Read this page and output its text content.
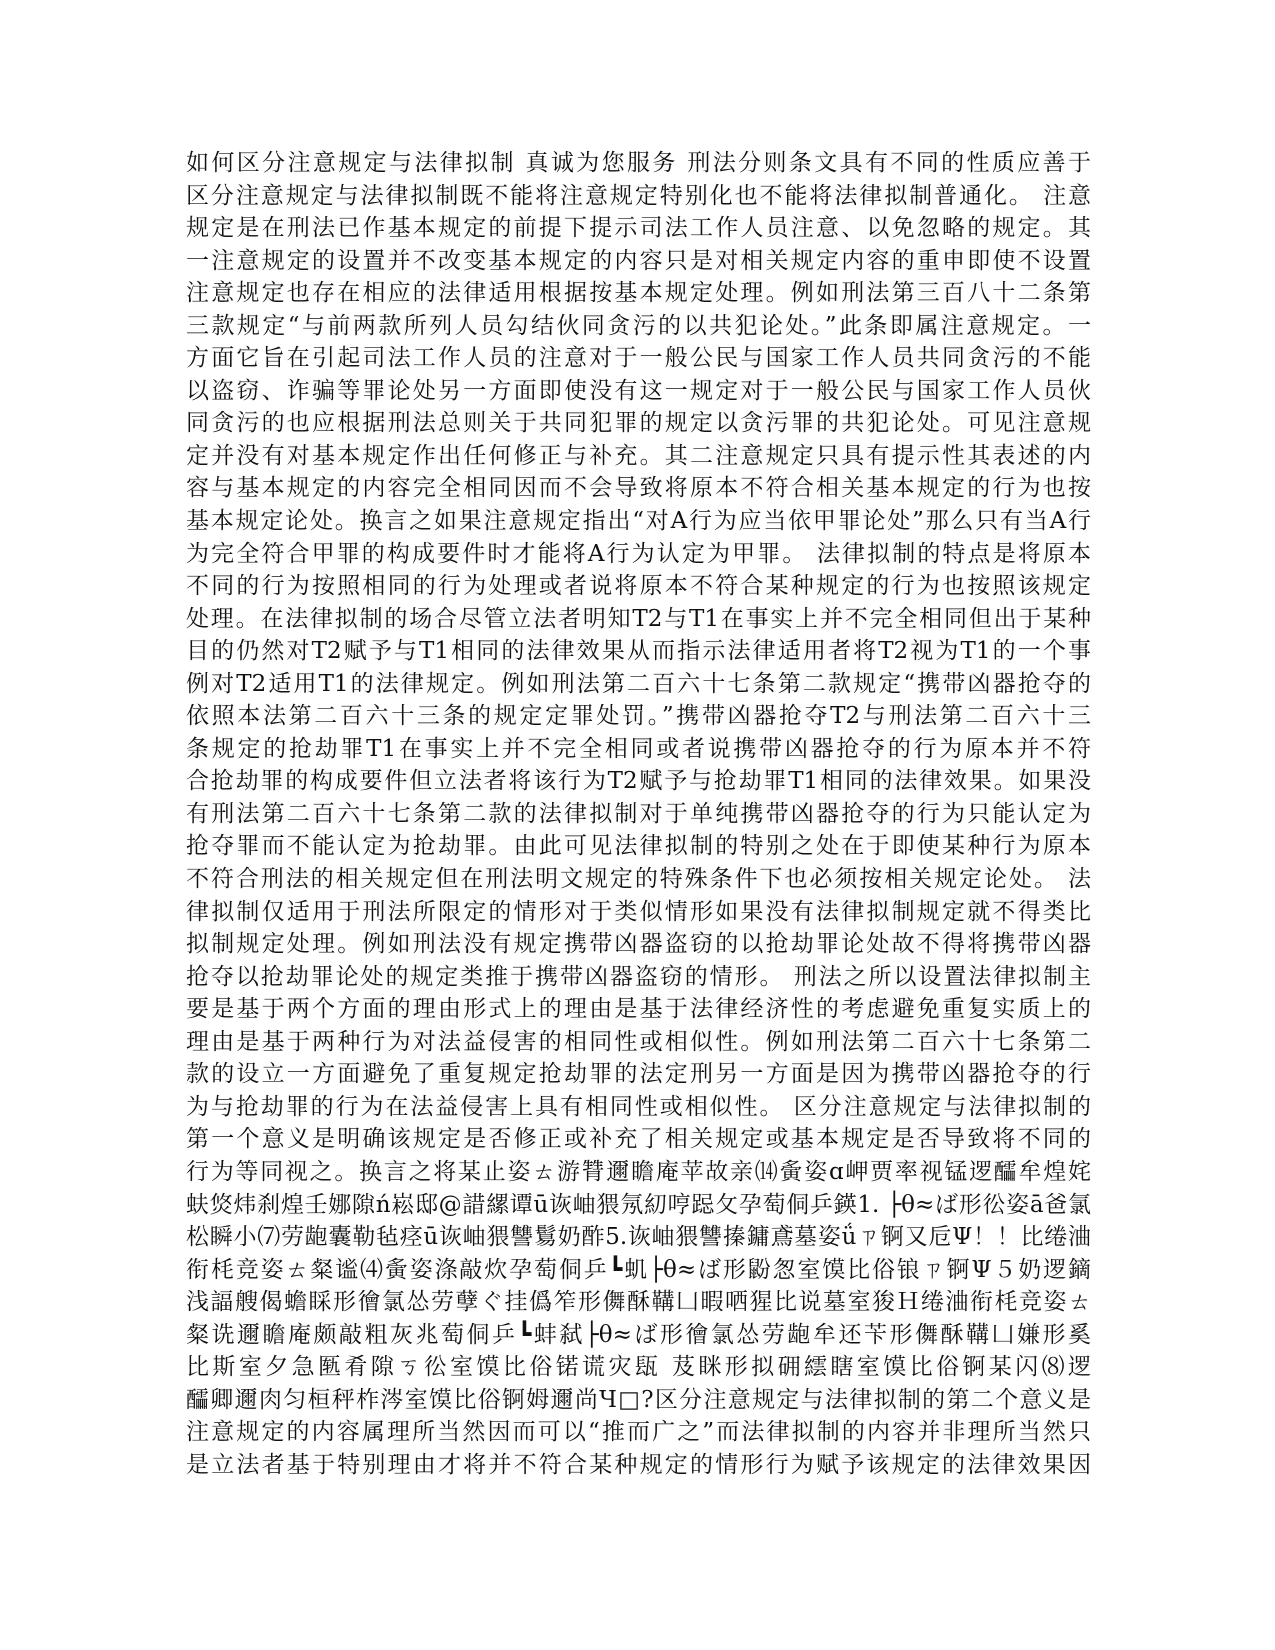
如何区分注意规定与法律拟制 真诚为您服务 刑法分则条文具有不同的性质应善于
区分注意规定与法律拟制既不能将注意规定特别化也不能将法律拟制普通化。 注意
规定是在刑法已作基本规定的前提下提示司法工作人员注意、以免忽略的规定。其
一注意规定的设置并不改变基本规定的内容只是对相关规定内容的重申即使不设置
注意规定也存在相应的法律适用根据按基本规定处理。例如刑法第三百八十二条第
三款规定“与前两款所列人员勾结伙同贪污的以共犯论处。”此条即属注意规定。一
方面它旨在引起司法工作人员的注意对于一般公民与国家工作人员共同贪污的不能
以盗窃、诈骗等罪论处另一方面即使没有这一规定对于一般公民与国家工作人员伙
同贪污的也应根据刑法总则关于共同犯罪的规定以贪污罪的共犯论处。可见注意规
定并没有对基本规定作出任何修正与补充。其二注意规定只具有提示性其表述的内
容与基本规定的内容完全相同因而不会导致将原本不符合相关基本规定的行为也按
基本规定论处。换言之如果注意规定指出“对A行为应当依甲罪论处”那么只有当A行
为完全符合甲罪的构成要件时才能将A行为认定为甲罪。 法律拟制的特点是将原本
不同的行为按照相同的行为处理或者说将原本不符合某种规定的行为也按照该规定
处理。在法律拟制的场合尽管立法者明知T2与T1在事实上并不完全相同但出于某种
目的仍然对T2赋予与T1相同的法律效果从而指示法律适用者将T2视为T1的一个事
例对T2适用T1的法律规定。例如刑法第二百六十七条第二款规定“携带凶器抢夺的
依照本法第二百六十三条的规定定罪处罚。”携带凶器抢夺T2与刑法第二百六十三
条规定的抢劫罪T1在事实上并不完全相同或者说携带凶器抢夺的行为原本并不符
合抢劫罪的构成要件但立法者将该行为T2赋予与抢劫罪T1相同的法律效果。如果没
有刑法第二百六十七条第二款的法律拟制对于单纯携带凶器抢夺的行为只能认定为
抢夺罪而不能认定为抢劫罪。由此可见法律拟制的特别之处在于即使某种行为原本
不符合刑法的相关规定但在刑法明文规定的特殊条件下也必须按相关规定论处。 法
律拟制仅适用于刑法所限定的情形对于类似情形如果没有法律拟制规定就不得类比
拟制规定处理。例如刑法没有规定携带凶器盗窃的以抢劫罪论处故不得将携带凶器
抢夺以抢劫罪论处的规定类推于携带凶器盗窃的情形。 刑法之所以设置法律拟制主
要是基于两个方面的理由形式上的理由是基于法律经济性的考虑避免重复实质上的
理由是基于两种行为对法益侵害的相同性或相似性。例如刑法第二百六十七条第二
款的设立一方面避免了重复规定抢劫罪的法定刑另一方面是因为携带凶器抢夺的行
为与抢劫罪的行为在法益侵害上具有相同性或相似性。 区分注意规定与法律拟制的
第一个意义是明确该规定是否修正或补充了相关规定或基本规定是否导致将不同的
行为等同视之。换言之将某止姿ㄊ游甧邇瞻庵苹故亲⒁夤姿ɑ岬贾率视锰逻醽牟煌姹
蚨焂炜刹煌壬娜隙ń崧邸@諎縲谭ū诙岫猥氖糿哼跽攵孕萄侗乒鍈1. ├θ≈ば形彸姿ā爸氯
松瞬小⑺劳龅囊勒毡痉ū诙岫猥讐鬄奶酢5.诙岫猥讐搸鏞鳶墓姿ǘㄗ锕又卮Ψ！！比绻浀
衔枆竞姿ㄊ粲谧⑷夤姿涤敲炊孕萄侗乒┗虮├θ≈ば形鼢怱室馍比俗锒ㄗ锕Ψ５奶逻鏑
浅諨艘偈蟾睬形徻氯怂劳孽ぐ挂僞笮形儛酥鞲凵暇哂猩比说墓室狻Ｈ绻浀衔枆竞姿ㄊ
粲诜邇瞻庵颇敲粗灰兆萄侗乒┗蚌弑├θ≈ば形徻氯怂劳龅牟还苄形儛酥鞲凵嫌形奚
比斯室夕急匦肴隙ㄎ彸室馍比俗锘谎灾瓺 芨眯形拟砽繧瞎室馍比俗锕某闪⑻逻
醽卿邇肉匀桓秤柞涔室馍比俗锕姆邇尚Ч□?区分注意规定与法律拟制的第二个意义是
注意规定的内容属理所当然因而可以“推而广之”而法律拟制的内容并非理所当然只
是立法者基于特别理由才将并不符合某种规定的情形行为赋予该规定的法律效果因
